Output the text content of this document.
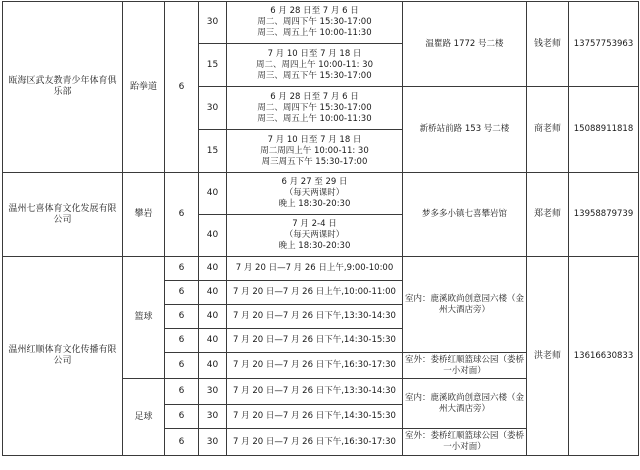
瓯海区武友教青少年体育俱乐部	跆拳道	6	30	6 月 28 日至 7 月 6 日
周二、周四下午 15:30-17:00
周三、周五上午 10:00-11:30	温瞿路 1772 号二楼	钱老师	13757753963
			15	7 月 10 日至 7 月 18 日
周二、周四上午 10:00-11: 30
周三、周五下午 15:30-17:00			

			30	6 月 28 日至 7 月 6 日
周二、周四下午 15:30-17:00
周三、周五上午 10:00-11:30	新桥站前路 153 号二楼	商老师	15088911818
			15	7 月 10 日至 7 月 18 日
周二周四上午 10:00-11: 30
周三周五下午 15:30-17:00			

温州七喜体育文化发展有限公司	攀岩	6	40	6 月 27 至 29 日
（每天两课时）
晚上 18:30-20:30	梦多多小镇七喜攀岩馆	郑老师	13958879739
			40	7 月 2-4 日
（每天两课时）
晚上 18:30-20:30			

温州红顺体育文化传播有限公司	篮球	6	40	7 月 20 日—7 月 26 日上午,9:00-10:00	室内：鹿溪欧尚创意园六楼（金州大酒店旁）	洪老师	13616630833
		6	40	7 月 20 日—7 月 26 日上午,10:00-11:00			
		6	40	7 月 20 日—7 月 26 日下午,13:30-14:30			
		6	40	7 月 20 日—7 月 26 日下午,14:30-15:30			
		6	40	7 月 20 日—7 月 26 日下午,16:30-17:30	室外：娄桥红顺篮球公园（娄桥一小对面）		
	足球	6	30	7 月 20 日—7 月 26 日下午,13:30-14:30	室内：鹿溪欧尚创意园六楼（金州大酒店旁）		
		6	30	7 月 20 日—7 月 26 日下午,14:30-15:30			
		6	30	7 月 20 日—7 月 26 日下午,16:30-17:30	室外：娄桥红顺篮球公园（娄桥一小对面）		
